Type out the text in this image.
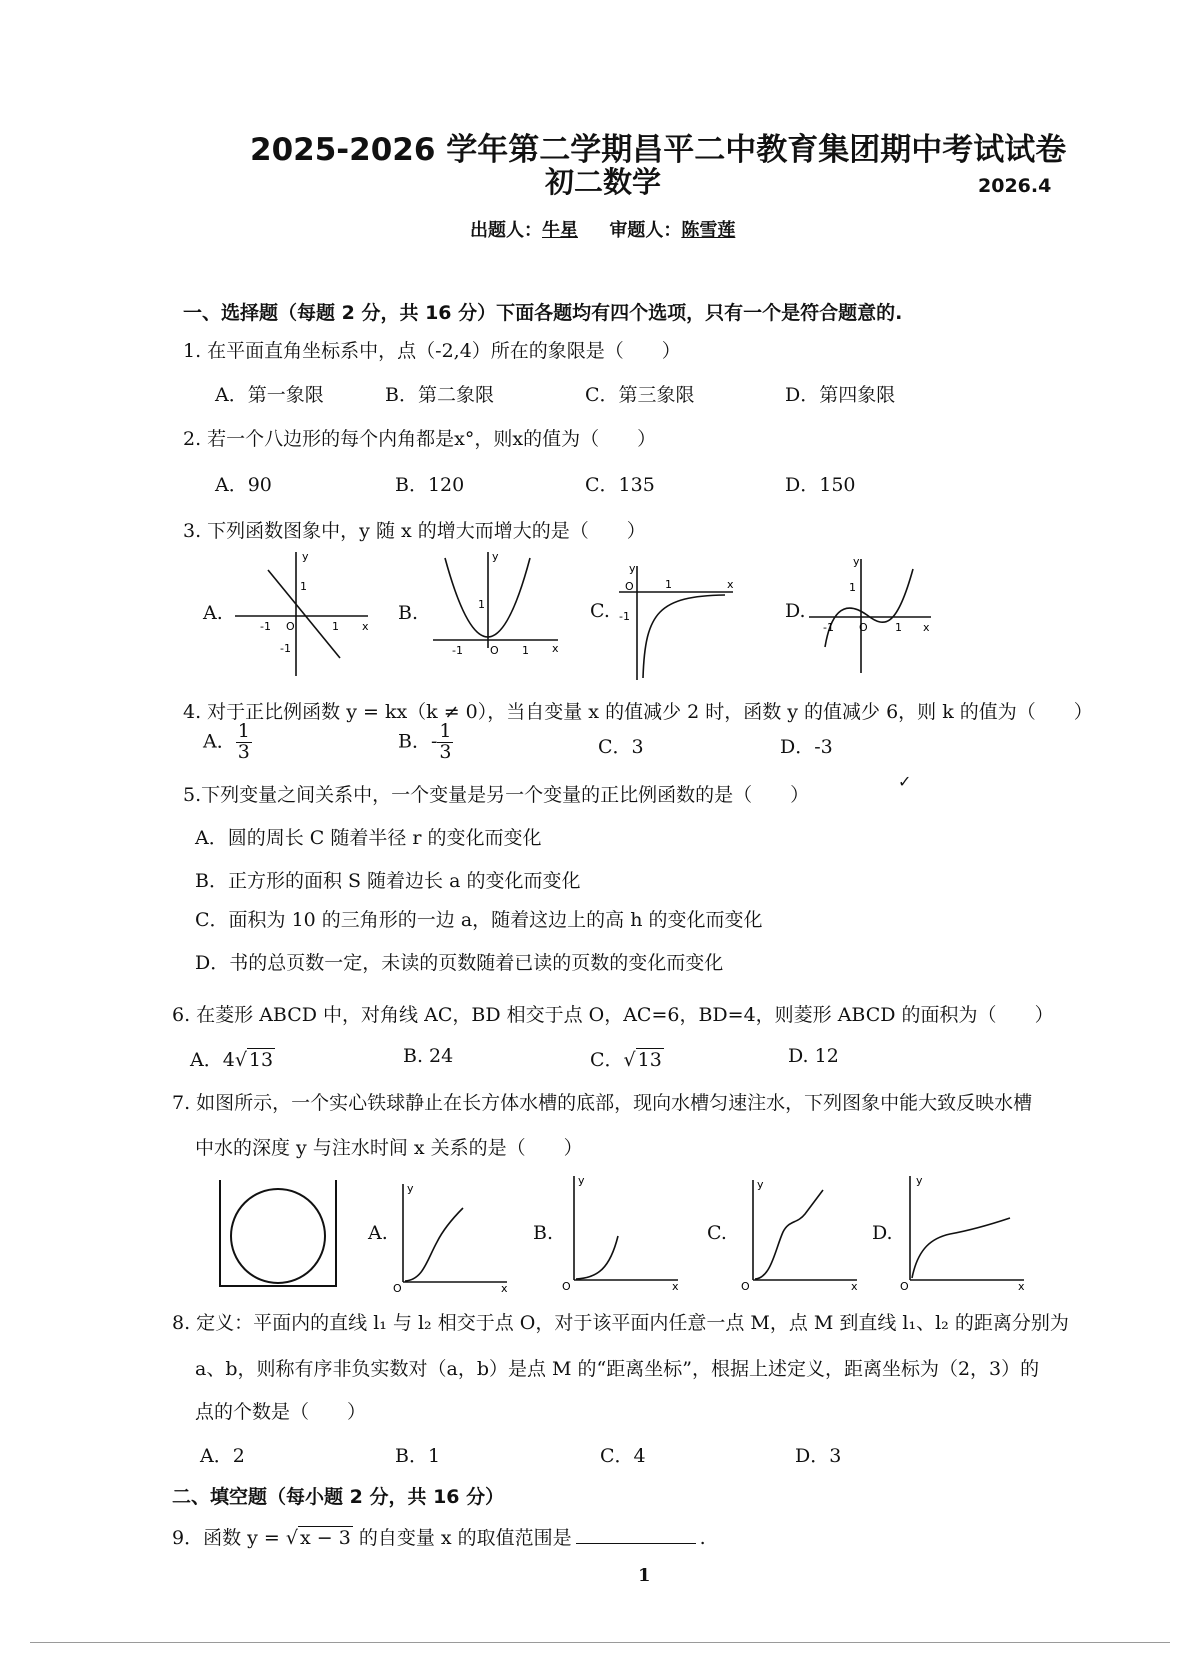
2025-2026 学年第二学期昌平二中教育集团期中考试试卷
初二数学	2026.4
出题人：牛星 审题人：陈雪莲
一、选择题（每题 2 分，共 16 分）下面各题均有四个选项，只有一个是符合题意的.
1. 在平面直角坐标系中，点（-2,4）所在的象限是（　　）
A．第一象限	B．第二象限	C．第三象限	D．第四象限
2. 若一个八边形的每个内角都是x°，则x的值为（　　）
A．90	B．120	C．135	D．150
3. 下列函数图象中，y 随 x 的增大而增大的是（　　）
A.	B.	C.	D.
y
x
O	1
-1
1
-1
y
x
O 1
-1
1
y
x
O	1
-1
y
x
O 1
-1
1
4. 对于正比例函数 y = kx（k ≠ 0），当自变量 x 的值减少 2 时，函数 y 的值减少 6，则 k 的值为（　　）
A． $\frac{1}{3}$	B．- $\frac{1}{3}$	C．3	D．-3
5.下列变量之间关系中，一个变量是另一个变量的正比例函数的是（　　）
A．圆的周长 C 随着半径 r 的变化而变化
B．正方形的面积 S 随着边长 a 的变化而变化
C．面积为 10 的三角形的一边 a，随着这边上的高 h 的变化而变化
D．书的总页数一定，未读的页数随着已读的页数的变化而变化
✓
6. 在菱形 ABCD 中，对角线 AC，BD 相交于点 O，AC=6，BD=4，则菱形 ABCD 的面积为（　　）
A．4√ 13	B. 24	C．√ 13	D. 12
7. 如图所示，一个实心铁球静止在长方体水槽的底部，现向水槽匀速注水，下列图象中能大致反映水槽
中水的深度 y 与注水时间 x 关系的是（　　）
A.	B.	C.	D.
y
x
O
y
x
O
y
x
O
y
x
O
8. 定义：平面内的直线 l₁ 与 l₂ 相交于点 O，对于该平面内任意一点 M，点 M 到直线 l₁、l₂ 的距离分别为
a、b，则称有序非负实数对（a，b）是点 M 的“距离坐标”，根据上述定义，距离坐标为（2，3）的
点的个数是（　　）
A．2	B．1	C．4	D．3
二、填空题（每小题 2 分，共 16 分）
9．函数 y = √ x − 3 的自变量 x 的取值范围是	.
1
